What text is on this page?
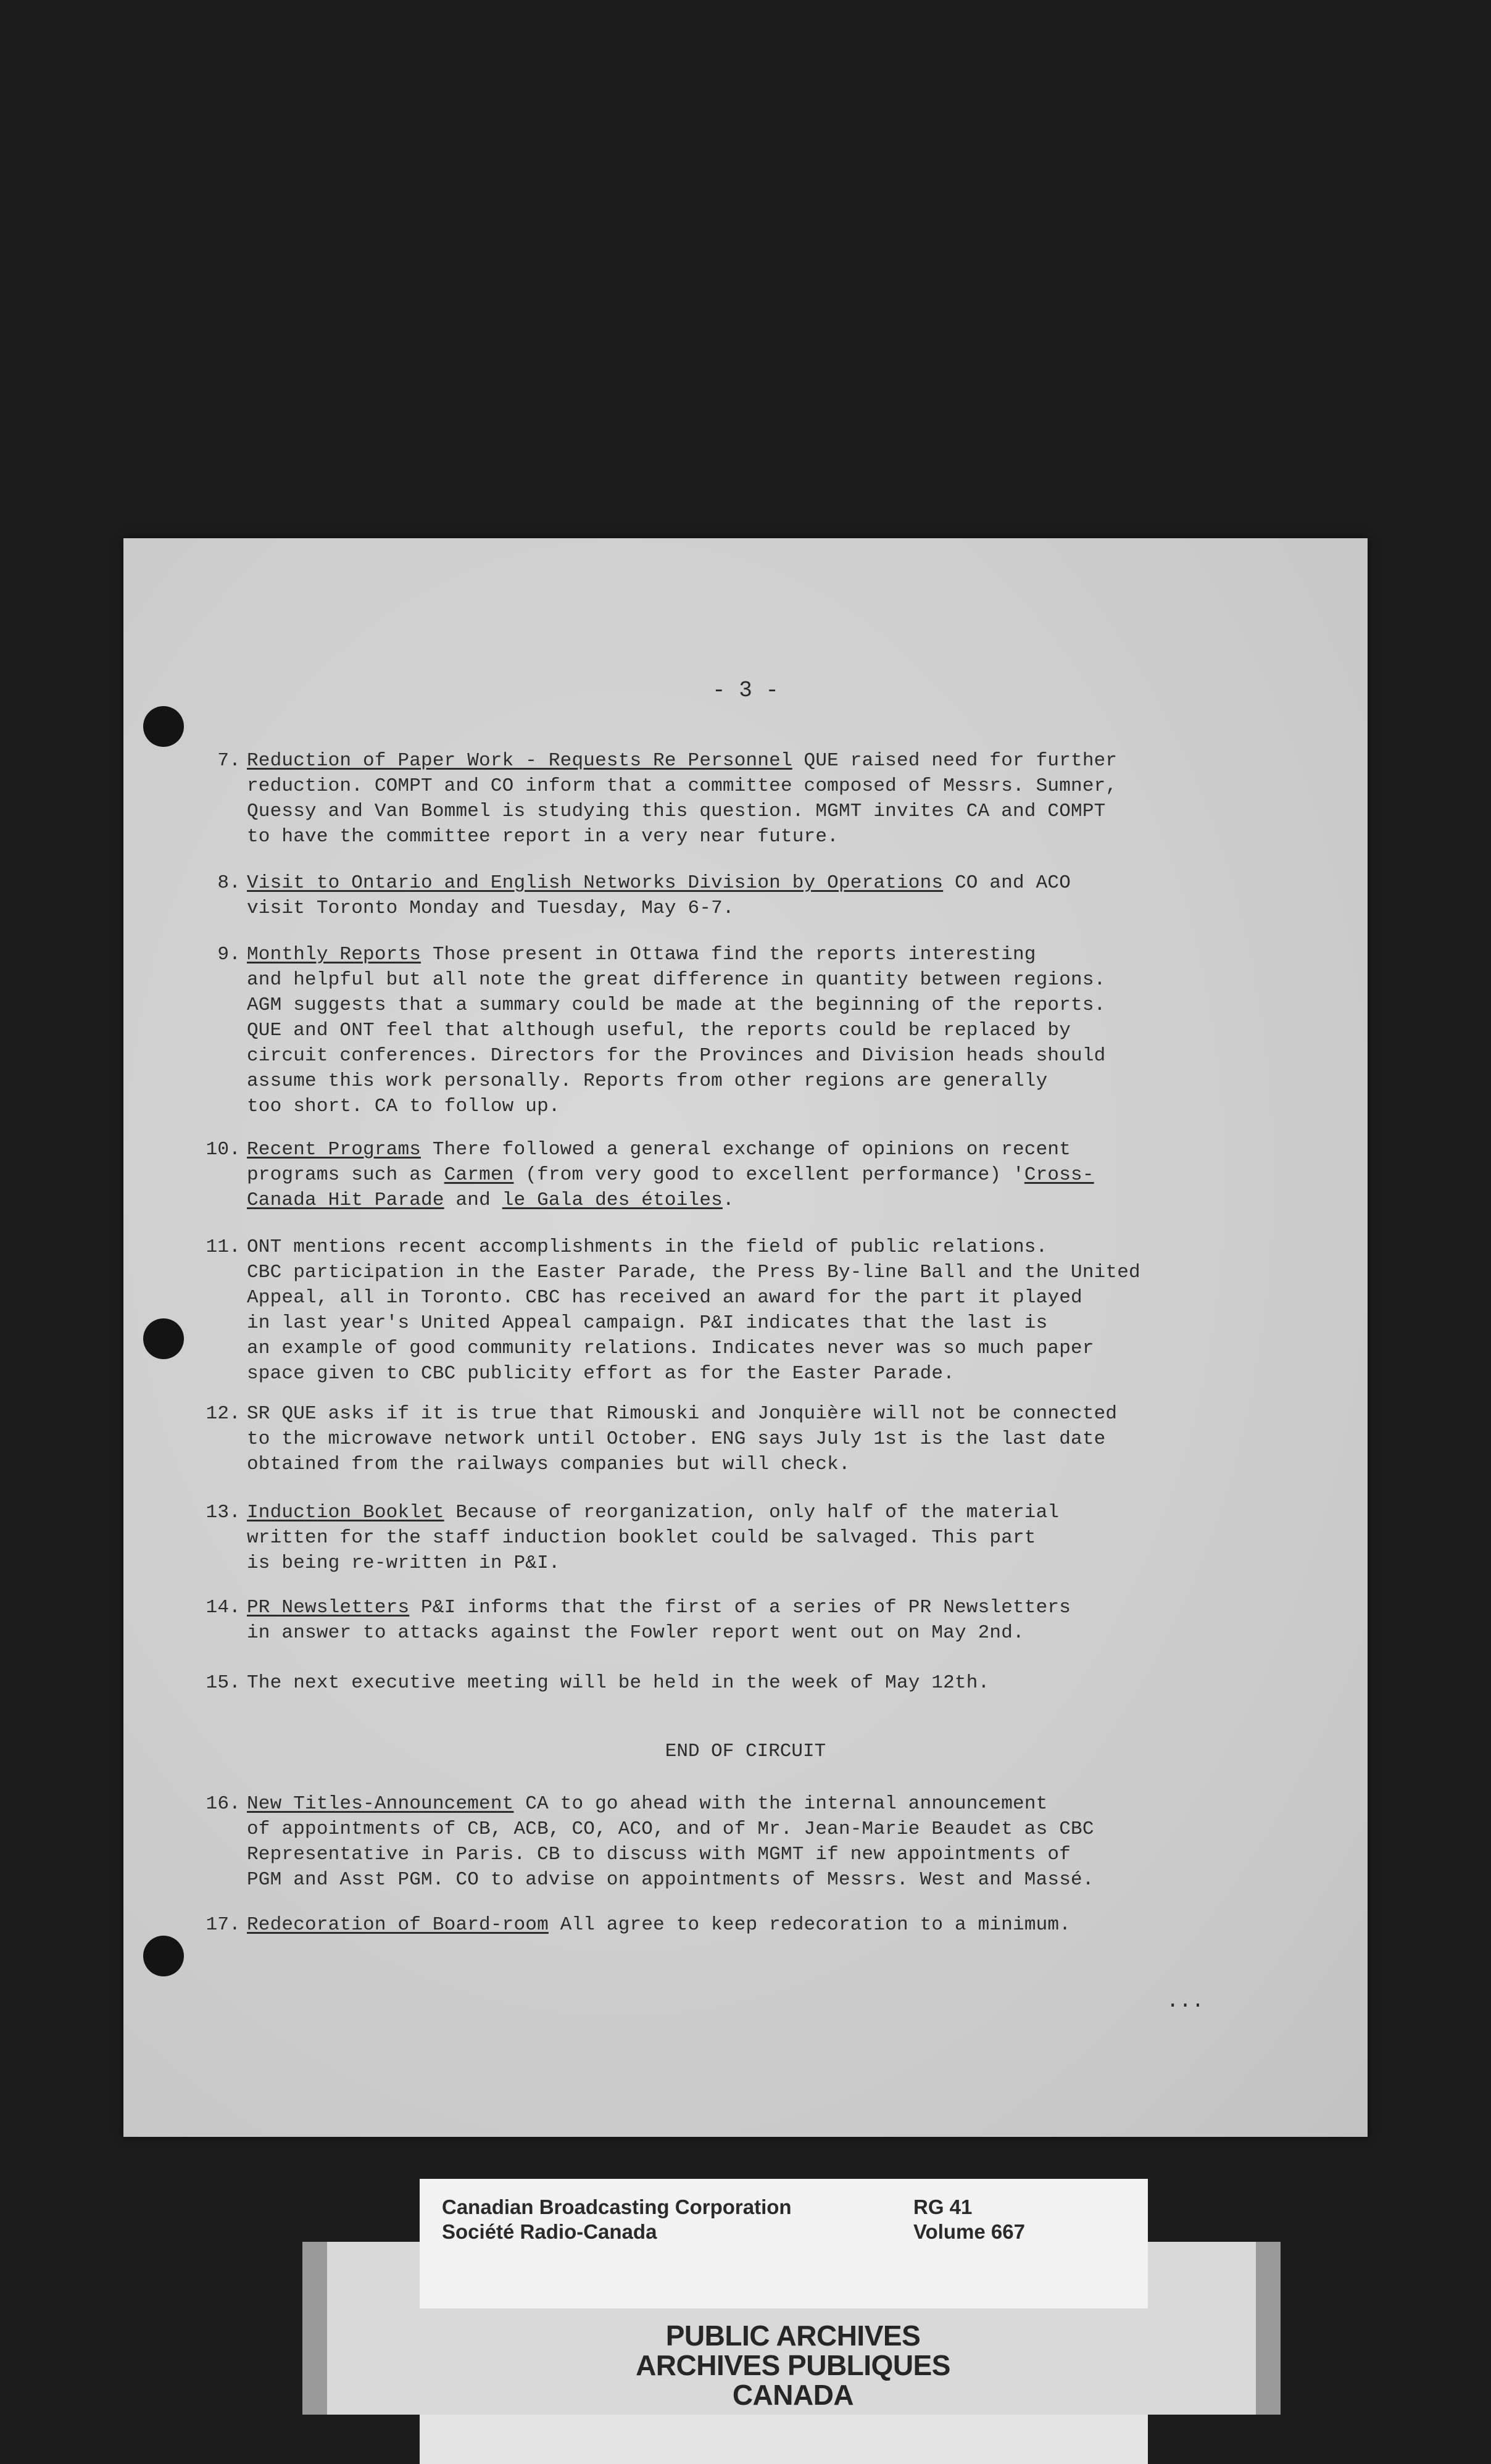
- 3 -
7. Reduction of Paper Work - Requests Re Personnel QUE raised need for further
reduction. COMPT and CO inform that a committee composed of Messrs. Sumner,
Quessy and Van Bommel is studying this question. MGMT invites CA and COMPT
to have the committee report in a very near future.
8. Visit to Ontario and English Networks Division by Operations CO and ACO
visit Toronto Monday and Tuesday, May 6-7.
9. Monthly Reports Those present in Ottawa find the reports interesting
and helpful but all note the great difference in quantity between regions.
AGM suggests that a summary could be made at the beginning of the reports.
QUE and ONT feel that although useful, the reports could be replaced by
circuit conferences. Directors for the Provinces and Division heads should
assume this work personally. Reports from other regions are generally
too short. CA to follow up.
10. Recent Programs There followed a general exchange of opinions on recent
programs such as Carmen (from very good to excellent performance) 'Cross-
Canada Hit Parade and le Gala des étoiles.
11. ONT mentions recent accomplishments in the field of public relations.
CBC participation in the Easter Parade, the Press By-line Ball and the United
Appeal, all in Toronto. CBC has received an award for the part it played
in last year's United Appeal campaign. P&I indicates that the last is
an example of good community relations. Indicates never was so much paper
space given to CBC publicity effort as for the Easter Parade.
12. SR QUE asks if it is true that Rimouski and Jonquière will not be connected
to the microwave network until October. ENG says July 1st is the last date
obtained from the railways companies but will check.
13. Induction Booklet Because of reorganization, only half of the material
written for the staff induction booklet could be salvaged. This part
is being re-written in P&I.
14. PR Newsletters P&I informs that the first of a series of PR Newsletters
in answer to attacks against the Fowler report went out on May 2nd.
15. The next executive meeting will be held in the week of May 12th.
END OF CIRCUIT
16. New Titles-Announcement CA to go ahead with the internal announcement
of appointments of CB, ACB, CO, ACO, and of Mr. Jean-Marie Beaudet as CBC
Representative in Paris. CB to discuss with MGMT if new appointments of
PGM and Asst PGM. CO to advise on appointments of Messrs. West and Massé.
17. Redecoration of Board-room All agree to keep redecoration to a minimum.
...
Canadian Broadcasting Corporation
Société Radio-Canada
RG 41
Volume 667
PUBLIC ARCHIVES
ARCHIVES PUBLIQUES
CANADA
